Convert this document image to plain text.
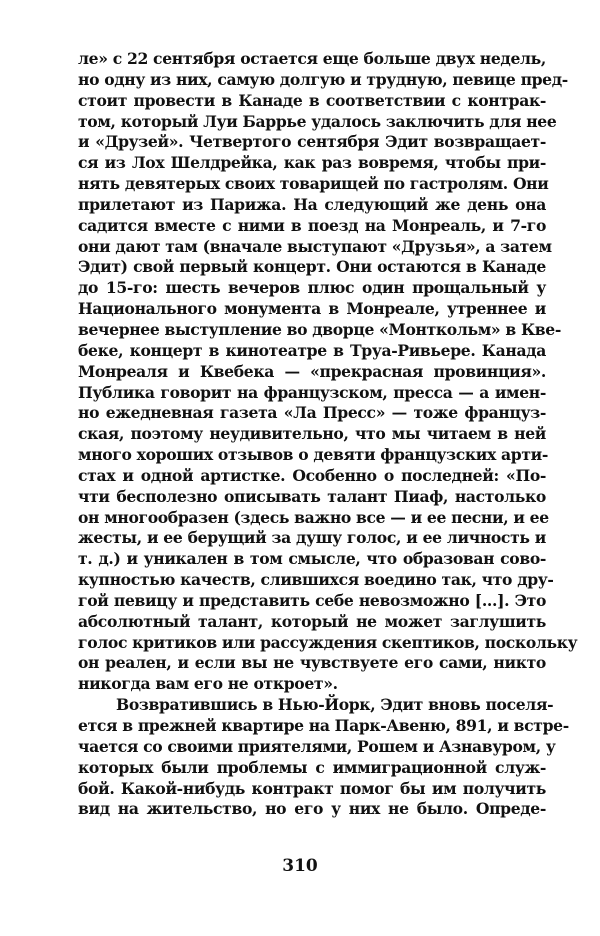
ле» с 22 сентября остается еще больше двух недель,
но одну из них, самую долгую и трудную, певице пред-
стоит провести в Канаде в соответствии с контрак-
том, который Луи Баррье удалось заключить для нее
и «Друзей». Четвертого сентября Эдит возвращает-
ся из Лох Шелдрейка, как раз вовремя, чтобы при-
нять девятерых своих товарищей по гастролям. Они
прилетают из Парижа. На следующий же день она
садится вместе с ними в поезд на Монреаль, и 7-го
они дают там (вначале выступают «Друзья», а затем
Эдит) свой первый концерт. Они остаются в Канаде
до 15-го: шесть вечеров плюс один прощальный у
Национального монумента в Монреале, утреннее и
вечернее выступление во дворце «Монткольм» в Кве-
беке, концерт в кинотеатре в Труа-Ривьере. Канада
Монреаля и Квебека — «прекрасная провинция».
Публика говорит на французском, пресса — а имен-
но ежедневная газета «Ла Пресс» — тоже француз-
ская, поэтому неудивительно, что мы читаем в ней
много хороших отзывов о девяти французских арти-
стах и одной артистке. Особенно о последней: «По-
чти бесполезно описывать талант Пиаф, настолько
он многообразен (здесь важно все — и ее песни, и ее
жесты, и ее берущий за душу голос, и ее личность и
т. д.) и уникален в том смысле, что образован сово-
купностью качеств, слившихся воедино так, что дру-
гой певицу и представить себе невозможно [...]. Это
абсолютный талант, который не может заглушить
голос критиков или рассуждения скептиков, поскольку
он реален, и если вы не чувствуете его сами, никто
никогда вам его не откроет».
Возвратившись в Нью-Йорк, Эдит вновь поселя-
ется в прежней квартире на Парк-Авеню, 891, и встре-
чается со своими приятелями, Рошем и Азнавуром, у
которых были проблемы с иммиграционной служ-
бой. Какой-нибудь контракт помог бы им получить
вид на жительство, но его у них не было. Опреде-
310
